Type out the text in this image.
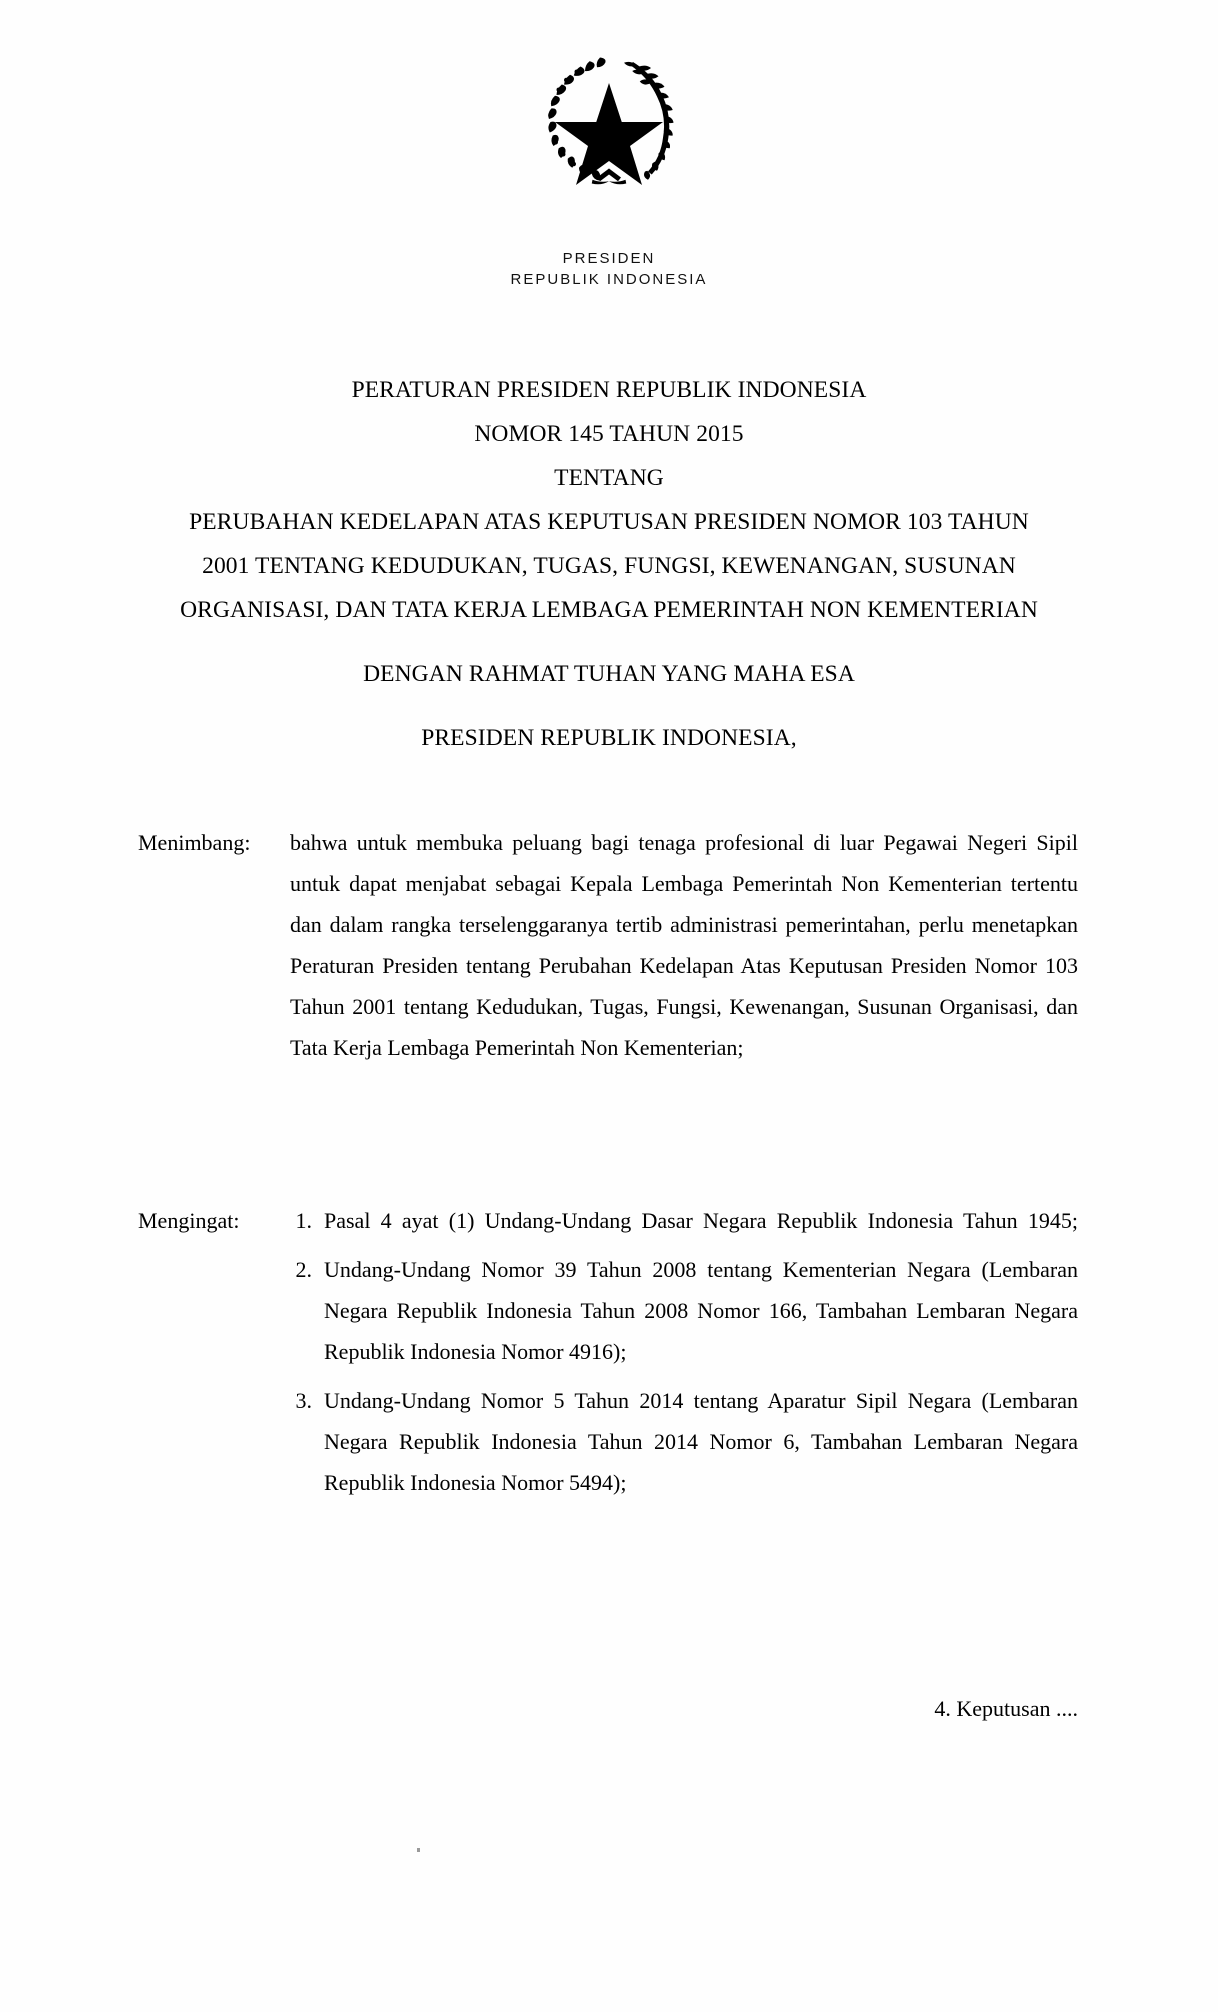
PRESIDEN
REPUBLIK INDONESIA
PERATURAN PRESIDEN REPUBLIK INDONESIA
NOMOR 145 TAHUN 2015
TENTANG
PERUBAHAN KEDELAPAN ATAS KEPUTUSAN PRESIDEN NOMOR 103 TAHUN
2001 TENTANG KEDUDUKAN, TUGAS, FUNGSI, KEWENANGAN, SUSUNAN
ORGANISASI, DAN TATA KERJA LEMBAGA PEMERINTAH NON KEMENTERIAN
DENGAN RAHMAT TUHAN YANG MAHA ESA
PRESIDEN REPUBLIK INDONESIA,
Menimbang:	bahwa untuk membuka peluang bagi tenaga profesional di luar Pegawai Negeri Sipil untuk dapat menjabat sebagai Kepala Lembaga Pemerintah Non Kementerian tertentu dan dalam rangka terselenggaranya tertib administrasi pemerintahan, perlu menetapkan Peraturan Presiden tentang Perubahan Kedelapan Atas Keputusan Presiden Nomor 103 Tahun 2001 tentang Kedudukan, Tugas, Fungsi, Kewenangan, Susunan Organisasi, dan Tata Kerja Lembaga Pemerintah Non Kementerian;

Mengingat:	1. Pasal 4 ayat (1) Undang-Undang Dasar Negara Republik Indonesia Tahun 1945;
2. Undang-Undang Nomor 39 Tahun 2008 tentang Kementerian Negara (Lembaran Negara Republik Indonesia Tahun 2008 Nomor 166, Tambahan Lembaran Negara Republik Indonesia Nomor 4916);
3. Undang-Undang Nomor 5 Tahun 2014 tentang Aparatur Sipil Negara (Lembaran Negara Republik Indonesia Tahun 2014 Nomor 6, Tambahan Lembaran Negara Republik Indonesia Nomor 5494);
4. Keputusan ....
